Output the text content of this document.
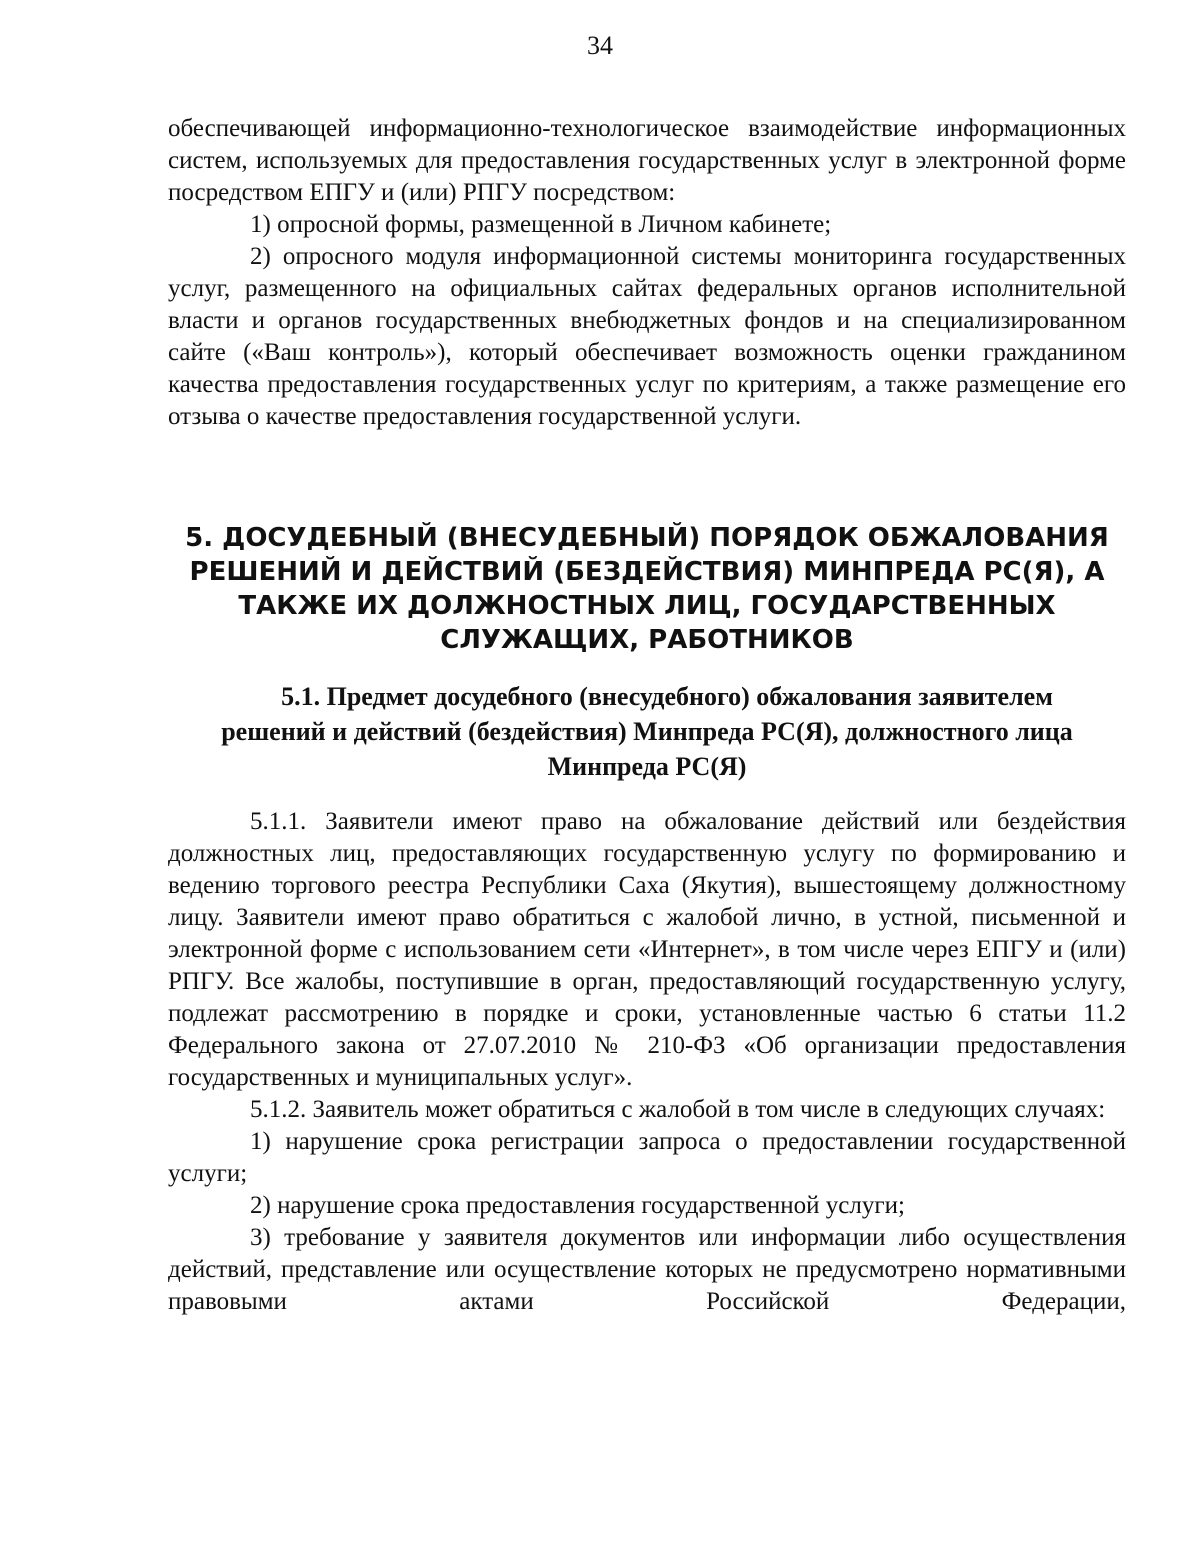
34

обеспечивающей информационно-технологическое взаимодействие информационных систем, используемых для предоставления государственных услуг в электронной форме посредством ЕПГУ и (или) РПГУ посредством:

1) опросной формы, размещенной в Личном кабинете;

2) опросного модуля информационной системы мониторинга государственных услуг, размещенного на официальных сайтах федеральных органов исполнительной власти и органов государственных внебюджетных фондов и на специализированном сайте («Ваш контроль»), который обеспечивает возможность оценки гражданином качества предоставления государственных услуг по критериям, а также размещение его отзыва о качестве предоставления государственной услуги.

5. ДОСУДЕБНЫЙ (ВНЕСУДЕБНЫЙ) ПОРЯДОК ОБЖАЛОВАНИЯ
РЕШЕНИЙ И ДЕЙСТВИЙ (БЕЗДЕЙСТВИЯ) МИНПРЕДА РС(Я), А
ТАКЖЕ ИХ ДОЛЖНОСТНЫХ ЛИЦ, ГОСУДАРСТВЕННЫХ
СЛУЖАЩИХ, РАБОТНИКОВ
5.1. Предмет досудебного (внесудебного) обжалования заявителем
решений и действий (бездействия) Минпреда РС(Я), должностного лица
Минпреда РС(Я)

5.1.1. Заявители имеют право на обжалование действий или бездействия должностных лиц, предоставляющих государственную услугу по формированию и ведению торгового реестра Республики Саха (Якутия), вышестоящему должностному лицу. Заявители имеют право обратиться с жалобой лично, в устной, письменной и электронной форме с использованием сети «Интернет», в том числе через ЕПГУ и (или) РПГУ. Все жалобы, поступившие в орган, предоставляющий государственную услугу, подлежат рассмотрению в порядке и сроки, установленные частью 6 статьи 11.2 Федерального закона от 27.07.2010 № 210-ФЗ «Об организации предоставления государственных и муниципальных услуг».

5.1.2. Заявитель может обратиться с жалобой в том числе в следующих случаях:

1) нарушение срока регистрации запроса о предоставлении государственной услуги;

2) нарушение срока предоставления государственной услуги;

3) требование у заявителя документов или информации либо осуществления действий, представление или осуществление которых не предусмотрено нормативными правовыми актами Российской Федерации,
